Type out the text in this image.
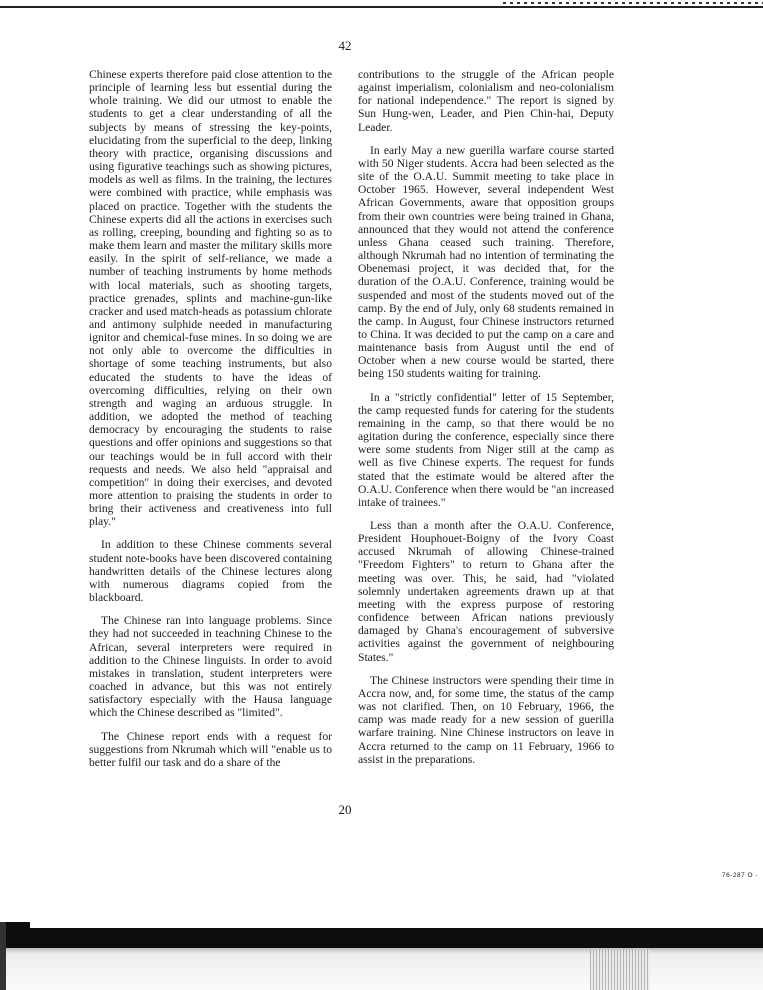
42

Chinese experts therefore paid close attention to the principle of learning less but essential during the whole training. We did our utmost to enable the students to get a clear understanding of all the subjects by means of stressing the key-points, elucidating from the superficial to the deep, linking theory with practice, organising discussions and using figurative teachings such as showing pictures, models as well as films. In the training, the lectures were combined with practice, while emphasis was placed on practice. Together with the students the Chinese experts did all the actions in exercises such as rolling, creeping, bounding and fighting so as to make them learn and master the military skills more easily. In the spirit of self-reliance, we made a number of teaching instruments by home methods with local materials, such as shooting targets, practice grenades, splints and machine-gun-like cracker and used match-heads as potassium chlorate and antimony sulphide needed in manufacturing ignitor and chemical-fuse mines. In so doing we are not only able to overcome the difficulties in shortage of some teaching instruments, but also educated the students to have the ideas of overcoming difficulties, relying on their own strength and waging an arduous struggle. In addition, we adopted the method of teaching democracy by encouraging the students to raise questions and offer opinions and suggestions so that our teachings would be in full accord with their requests and needs. We also held "appraisal and competition" in doing their exercises, and devoted more attention to praising the students in order to bring their activeness and creativeness into full play."

In addition to these Chinese comments several student note-books have been discovered containing handwritten details of the Chinese lectures along with numerous diagrams copied from the blackboard.

The Chinese ran into language problems. Since they had not succeeded in teachning Chinese to the African, several interpreters were required in addition to the Chinese linguists. In order to avoid mistakes in translation, student interpreters were coached in advance, but this was not entirely satisfactory especially with the Hausa language which the Chinese described as "limited".

The Chinese report ends with a request for suggestions from Nkrumah which will "enable us to better fulfil our task and do a share of the

contributions to the struggle of the African people against imperialism, colonialism and neo-colonialism for national independence." The report is signed by Sun Hung-wen, Leader, and Pien Chin-hai, Deputy Leader.

In early May a new guerilla warfare course started with 50 Niger students. Accra had been selected as the site of the O.A.U. Summit meeting to take place in October 1965. However, several independent West African Governments, aware that opposition groups from their own countries were being trained in Ghana, announced that they would not attend the conference unless Ghana ceased such training. Therefore, although Nkrumah had no intention of terminating the Obenemasi project, it was decided that, for the duration of the O.A.U. Conference, training would be suspended and most of the students moved out of the camp. By the end of July, only 68 students remained in the camp. In August, four Chinese instructors returned to China. It was decided to put the camp on a care and maintenance basis from August until the end of October when a new course would be started, there being 150 students waiting for training.

In a "strictly confidential" letter of 15 September, the camp requested funds for catering for the students remaining in the camp, so that there would be no agitation during the conference, especially since there were some students from Niger still at the camp as well as five Chinese experts. The request for funds stated that the estimate would be altered after the O.A.U. Conference when there would be "an increased intake of trainees."

Less than a month after the O.A.U. Conference, President Houphouet-Boigny of the Ivory Coast accused Nkrumah of allowing Chinese-trained "Freedom Fighters" to return to Ghana after the meeting was over. This, he said, had "violated solemnly undertaken agreements drawn up at that meeting with the express purpose of restoring confidence between African nations previously damaged by Ghana's encouragement of subversive activities against the government of neighbouring States."

The Chinese instructors were spending their time in Accra now, and, for some time, the status of the camp was not clarified. Then, on 10 February, 1966, the camp was made ready for a new session of guerilla warfare training. Nine Chinese instructors on leave in Accra returned to the camp on 11 February, 1966 to assist in the preparations.

20
76-287 O -
